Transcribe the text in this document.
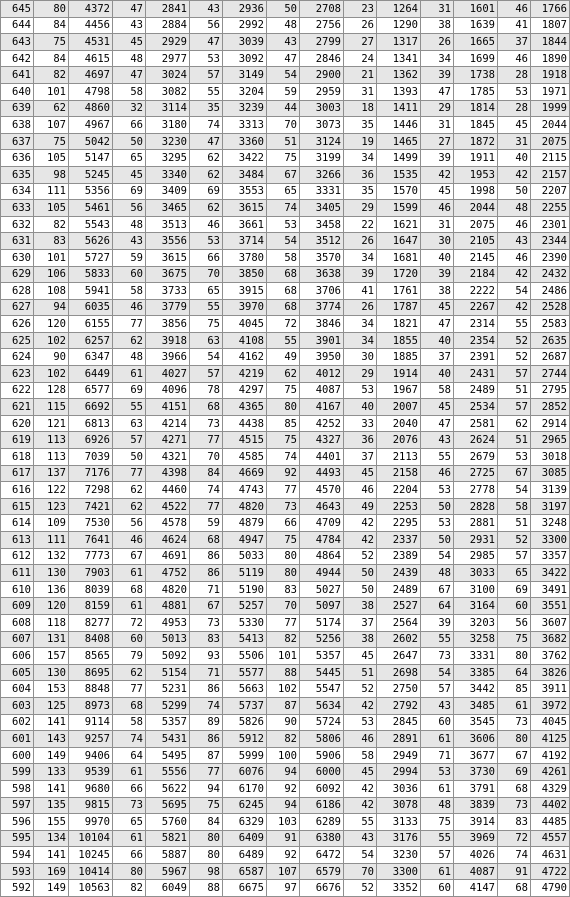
645	80	4372	47	2841	43	2936	50	2708	23	1264	31	1601	46	1766
644	84	4456	43	2884	56	2992	48	2756	26	1290	38	1639	41	1807
643	75	4531	45	2929	47	3039	43	2799	27	1317	26	1665	37	1844
642	84	4615	48	2977	53	3092	47	2846	24	1341	34	1699	46	1890
641	82	4697	47	3024	57	3149	54	2900	21	1362	39	1738	28	1918
640	101	4798	58	3082	55	3204	59	2959	31	1393	47	1785	53	1971
639	62	4860	32	3114	35	3239	44	3003	18	1411	29	1814	28	1999
638	107	4967	66	3180	74	3313	70	3073	35	1446	31	1845	45	2044
637	75	5042	50	3230	47	3360	51	3124	19	1465	27	1872	31	2075
636	105	5147	65	3295	62	3422	75	3199	34	1499	39	1911	40	2115
635	98	5245	45	3340	62	3484	67	3266	36	1535	42	1953	42	2157
634	111	5356	69	3409	69	3553	65	3331	35	1570	45	1998	50	2207
633	105	5461	56	3465	62	3615	74	3405	29	1599	46	2044	48	2255
632	82	5543	48	3513	46	3661	53	3458	22	1621	31	2075	46	2301
631	83	5626	43	3556	53	3714	54	3512	26	1647	30	2105	43	2344
630	101	5727	59	3615	66	3780	58	3570	34	1681	40	2145	46	2390
629	106	5833	60	3675	70	3850	68	3638	39	1720	39	2184	42	2432
628	108	5941	58	3733	65	3915	68	3706	41	1761	38	2222	54	2486
627	94	6035	46	3779	55	3970	68	3774	26	1787	45	2267	42	2528
626	120	6155	77	3856	75	4045	72	3846	34	1821	47	2314	55	2583
625	102	6257	62	3918	63	4108	55	3901	34	1855	40	2354	52	2635
624	90	6347	48	3966	54	4162	49	3950	30	1885	37	2391	52	2687
623	102	6449	61	4027	57	4219	62	4012	29	1914	40	2431	57	2744
622	128	6577	69	4096	78	4297	75	4087	53	1967	58	2489	51	2795
621	115	6692	55	4151	68	4365	80	4167	40	2007	45	2534	57	2852
620	121	6813	63	4214	73	4438	85	4252	33	2040	47	2581	62	2914
619	113	6926	57	4271	77	4515	75	4327	36	2076	43	2624	51	2965
618	113	7039	50	4321	70	4585	74	4401	37	2113	55	2679	53	3018
617	137	7176	77	4398	84	4669	92	4493	45	2158	46	2725	67	3085
616	122	7298	62	4460	74	4743	77	4570	46	2204	53	2778	54	3139
615	123	7421	62	4522	77	4820	73	4643	49	2253	50	2828	58	3197
614	109	7530	56	4578	59	4879	66	4709	42	2295	53	2881	51	3248
613	111	7641	46	4624	68	4947	75	4784	42	2337	50	2931	52	3300
612	132	7773	67	4691	86	5033	80	4864	52	2389	54	2985	57	3357
611	130	7903	61	4752	86	5119	80	4944	50	2439	48	3033	65	3422
610	136	8039	68	4820	71	5190	83	5027	50	2489	67	3100	69	3491
609	120	8159	61	4881	67	5257	70	5097	38	2527	64	3164	60	3551
608	118	8277	72	4953	73	5330	77	5174	37	2564	39	3203	56	3607
607	131	8408	60	5013	83	5413	82	5256	38	2602	55	3258	75	3682
606	157	8565	79	5092	93	5506	101	5357	45	2647	73	3331	80	3762
605	130	8695	62	5154	71	5577	88	5445	51	2698	54	3385	64	3826
604	153	8848	77	5231	86	5663	102	5547	52	2750	57	3442	85	3911
603	125	8973	68	5299	74	5737	87	5634	42	2792	43	3485	61	3972
602	141	9114	58	5357	89	5826	90	5724	53	2845	60	3545	73	4045
601	143	9257	74	5431	86	5912	82	5806	46	2891	61	3606	80	4125
600	149	9406	64	5495	87	5999	100	5906	58	2949	71	3677	67	4192
599	133	9539	61	5556	77	6076	94	6000	45	2994	53	3730	69	4261
598	141	9680	66	5622	94	6170	92	6092	42	3036	61	3791	68	4329
597	135	9815	73	5695	75	6245	94	6186	42	3078	48	3839	73	4402
596	155	9970	65	5760	84	6329	103	6289	55	3133	75	3914	83	4485
595	134	10104	61	5821	80	6409	91	6380	43	3176	55	3969	72	4557
594	141	10245	66	5887	80	6489	92	6472	54	3230	57	4026	74	4631
593	169	10414	80	5967	98	6587	107	6579	70	3300	61	4087	91	4722
592	149	10563	82	6049	88	6675	97	6676	52	3352	60	4147	68	4790
